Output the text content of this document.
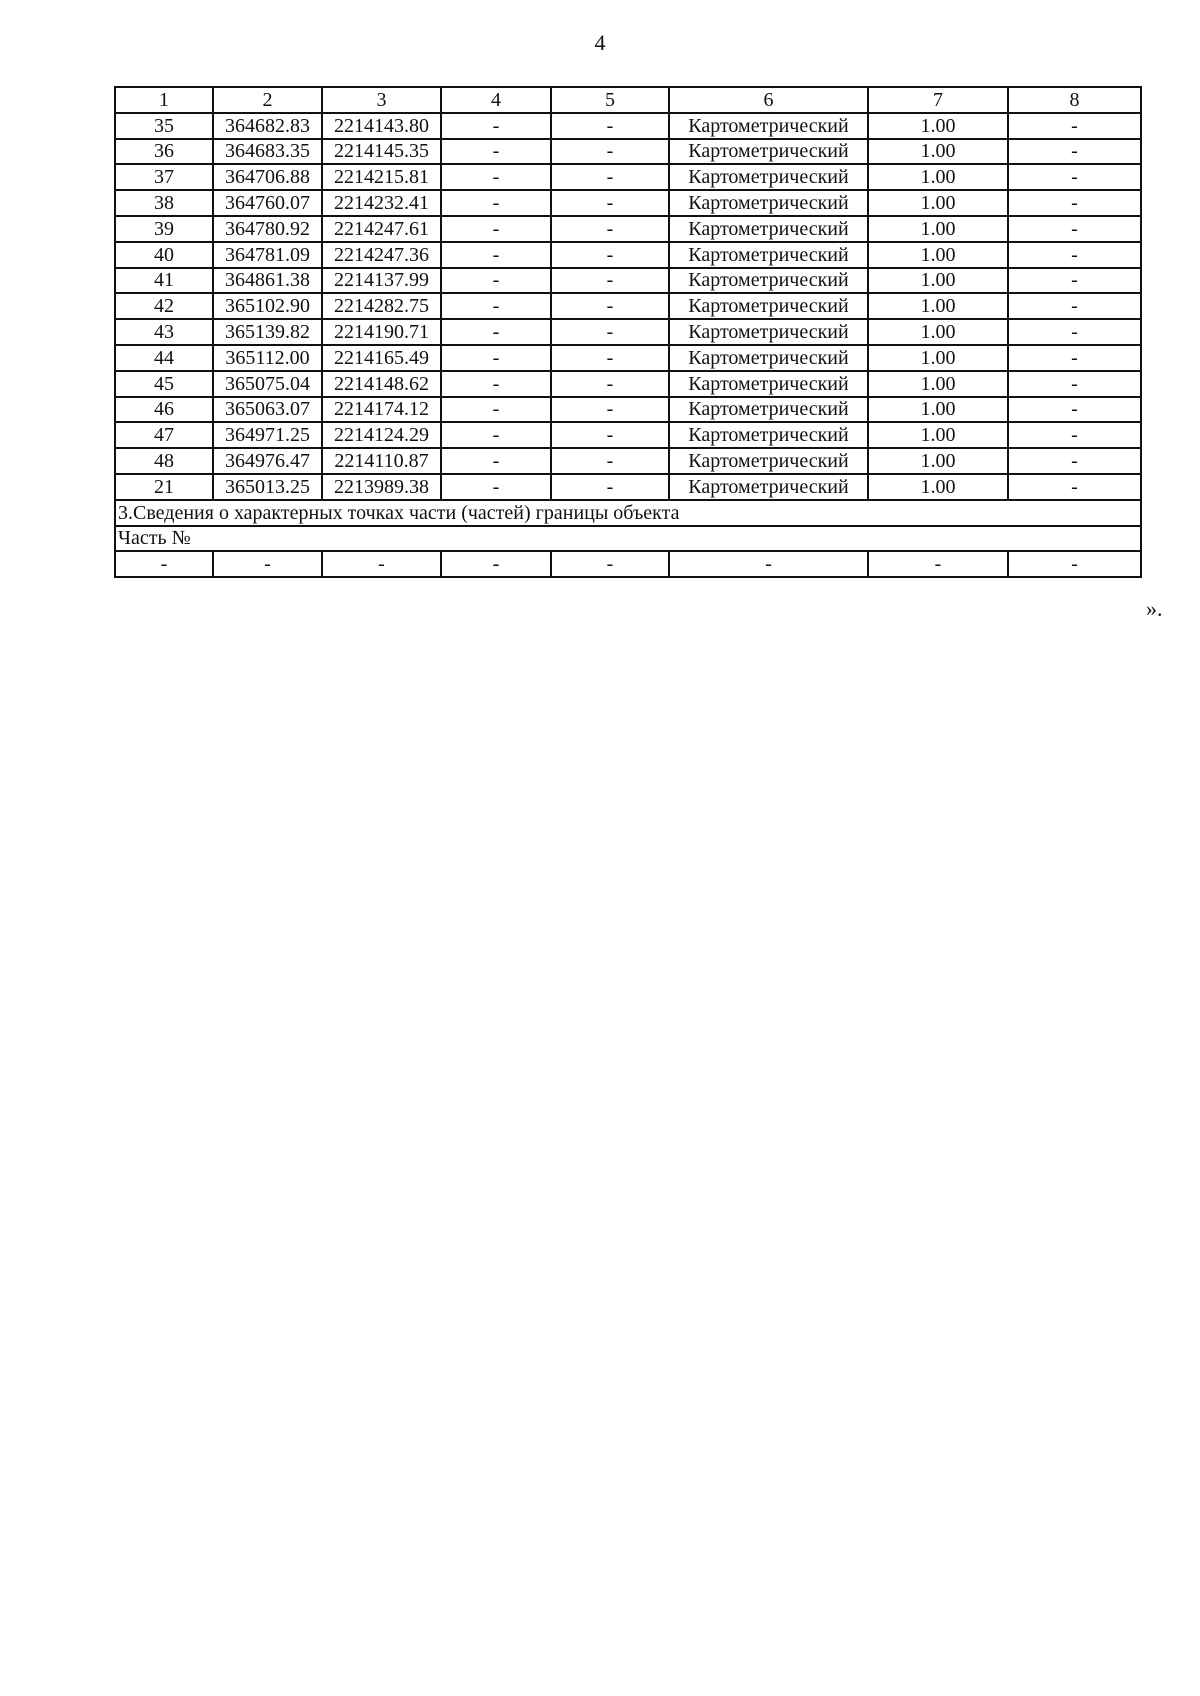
4
1	2	3	4	5	6	7	8
35	364682.83	2214143.80	-	-	Картометрический	1.00	-
36	364683.35	2214145.35	-	-	Картометрический	1.00	-
37	364706.88	2214215.81	-	-	Картометрический	1.00	-
38	364760.07	2214232.41	-	-	Картометрический	1.00	-
39	364780.92	2214247.61	-	-	Картометрический	1.00	-
40	364781.09	2214247.36	-	-	Картометрический	1.00	-
41	364861.38	2214137.99	-	-	Картометрический	1.00	-
42	365102.90	2214282.75	-	-	Картометрический	1.00	-
43	365139.82	2214190.71	-	-	Картометрический	1.00	-
44	365112.00	2214165.49	-	-	Картометрический	1.00	-
45	365075.04	2214148.62	-	-	Картометрический	1.00	-
46	365063.07	2214174.12	-	-	Картометрический	1.00	-
47	364971.25	2214124.29	-	-	Картометрический	1.00	-
48	364976.47	2214110.87	-	-	Картометрический	1.00	-
21	365013.25	2213989.38	-	-	Картометрический	1.00	-
3.Сведения о характерных точках части (частей) границы объекта							
Часть №							
-	-	-	-	-	-	-	-
».
